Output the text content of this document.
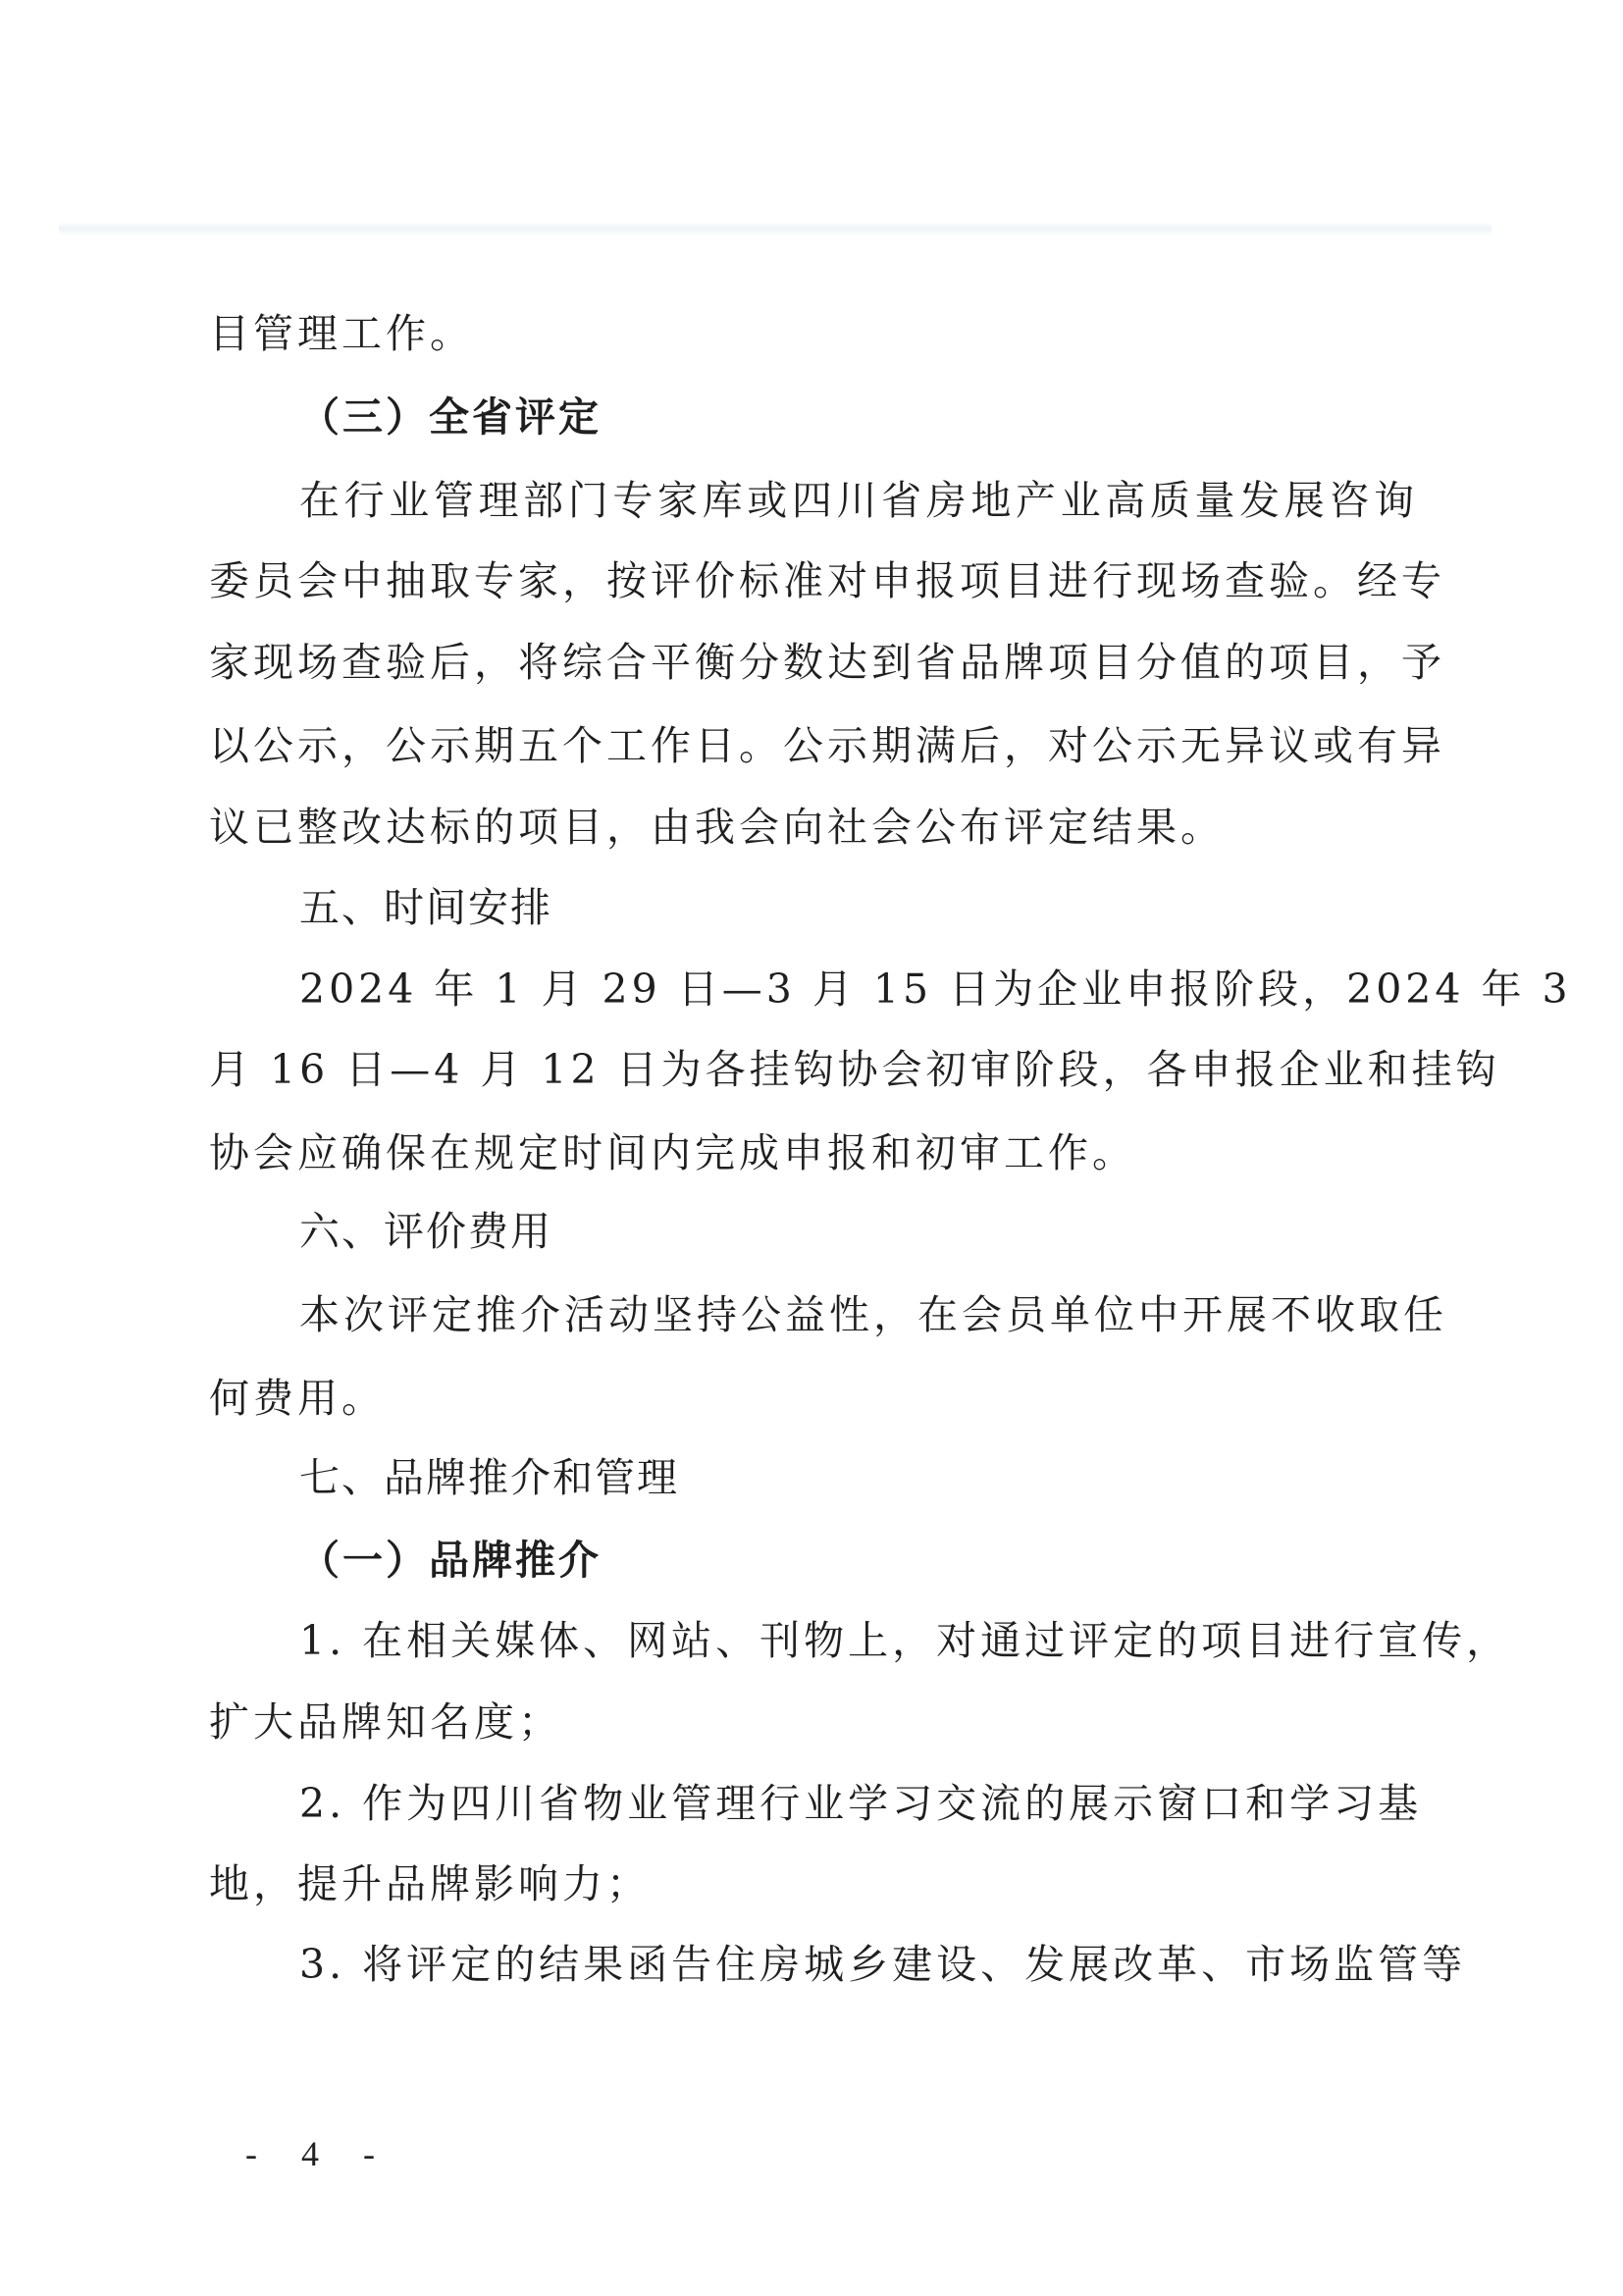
目管理工作。
（三）全省评定
在行业管理部门专家库或四川省房地产业高质量发展咨询
委员会中抽取专家，按评价标准对申报项目进行现场查验。经专
家现场查验后，将综合平衡分数达到省品牌项目分值的项目，予
以公示，公示期五个工作日。公示期满后，对公示无异议或有异
议已整改达标的项目，由我会向社会公布评定结果。
五、时间安排
2024 年 1 月 29 日—3 月 15 日为企业申报阶段，2024 年 3
月 16 日—4 月 12 日为各挂钩协会初审阶段，各申报企业和挂钩
协会应确保在规定时间内完成申报和初审工作。
六、评价费用
本次评定推介活动坚持公益性，在会员单位中开展不收取任
何费用。
七、品牌推介和管理
（一）品牌推介
1. 在相关媒体、网站、刊物上，对通过评定的项目进行宣传，
扩大品牌知名度；
2. 作为四川省物业管理行业学习交流的展示窗口和学习基
地，提升品牌影响力；
3. 将评定的结果函告住房城乡建设、发展改革、市场监管等
- 4 -
